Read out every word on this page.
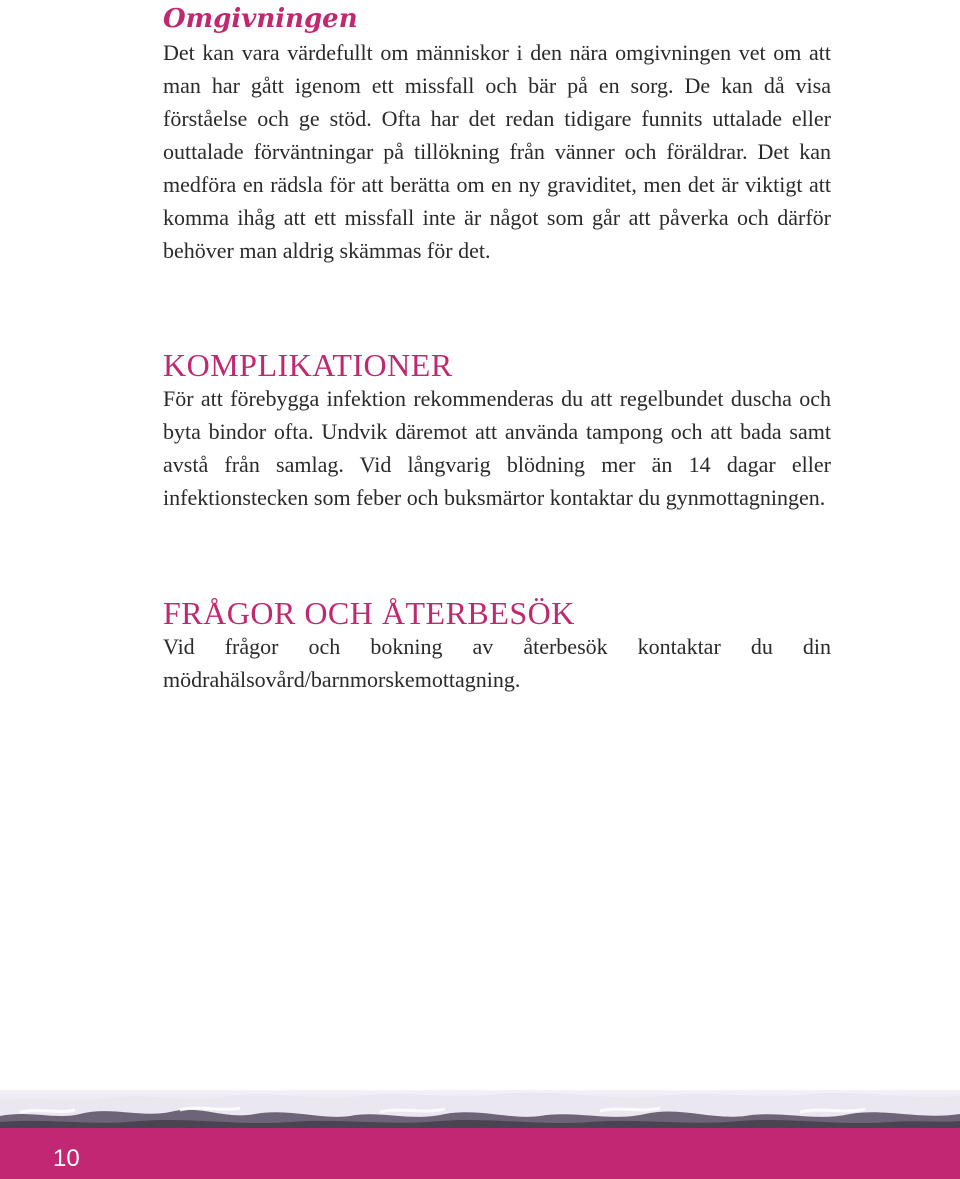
Omgivningen

Det kan vara värdefullt om människor i den nära omgivningen vet om att man har gått igenom ett missfall och bär på en sorg. De kan då visa förståelse och ge stöd. Ofta har det redan tidigare funnits uttalade eller outtalade förväntningar på tillökning från vänner och föräldrar. Det kan medföra en rädsla för att berätta om en ny graviditet, men det är viktigt att komma ihåg att ett missfall inte är något som går att påverka och därför behöver man aldrig skämmas för det.

KOMPLIKATIONER

För att förebygga infektion rekommenderas du att regelbundet duscha och byta bindor ofta. Undvik däremot att använda tampong och att bada samt avstå från samlag. Vid långvarig blödning mer än 14 dagar eller infektionstecken som feber och buksmärtor kontaktar du gynmottagningen.

FRÅGOR OCH ÅTERBESÖK

Vid frågor och bokning av återbesök kontaktar du din mödrahälsovård/barnmorskemottagning.

10
